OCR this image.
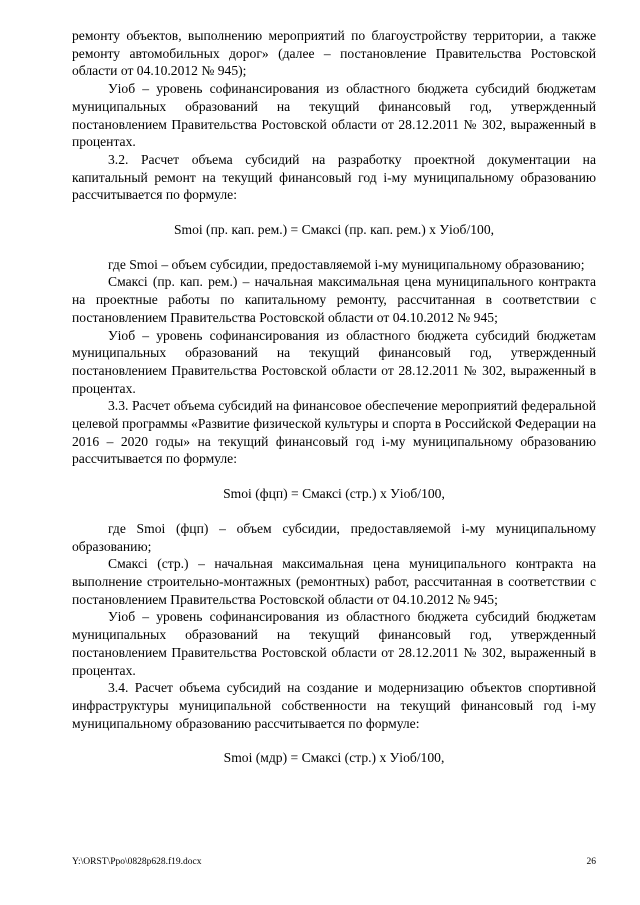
ремонту объектов, выполнению мероприятий по благоустройству территории, а также ремонту автомобильных дорог» (далее – постановление Правительства Ростовской области от 04.10.2012 № 945);

Уioб – уровень софинансирования из областного бюджета субсидий бюджетам муниципальных образований на текущий финансовый год, утвержденный постановлением Правительства Ростовской области от 28.12.2011 № 302, выраженный в процентах.

3.2. Расчет объема субсидий на разработку проектной документации на капитальный ремонт на текущий финансовый год i-му муниципальному образованию рассчитывается по формуле:

Smoi (пр. кап. рем.) = Смаксi (пр. кап. рем.) x Уioб/100,

где Smoi – объем субсидии, предоставляемой i-му муниципальному образованию;

Смаксi (пр. кап. рем.) – начальная максимальная цена муниципального контракта на проектные работы по капитальному ремонту, рассчитанная в соответствии с постановлением Правительства Ростовской области от 04.10.2012 № 945;

Уioб – уровень софинансирования из областного бюджета субсидий бюджетам муниципальных образований на текущий финансовый год, утвержденный постановлением Правительства Ростовской области от 28.12.2011 № 302, выраженный в процентах.

3.3. Расчет объема субсидий на финансовое обеспечение мероприятий федеральной целевой программы «Развитие физической культуры и спорта в Российской Федерации на 2016 – 2020 годы» на текущий финансовый год i-му муниципальному образованию рассчитывается по формуле:

Smoi (фцп) = Смаксi (стр.) x Уioб/100,

где Smoi (фцп) – объем субсидии, предоставляемой i-му муниципальному образованию;

Смаксi (стр.) – начальная максимальная цена муниципального контракта на выполнение строительно-монтажных (ремонтных) работ, рассчитанная в соответствии с постановлением Правительства Ростовской области от 04.10.2012 № 945;

Уioб – уровень софинансирования из областного бюджета субсидий бюджетам муниципальных образований на текущий финансовый год, утвержденный постановлением Правительства Ростовской области от 28.12.2011 № 302, выраженный в процентах.

3.4. Расчет объема субсидий на создание и модернизацию объектов спортивной инфраструктуры муниципальной собственности на текущий финансовый год i-му муниципальному образованию рассчитывается по формуле:

Smoi (мдр) = Смаксi (стр.) x Уioб/100,

Y:\ORST\Ppo\0828p628.f19.docx	26
